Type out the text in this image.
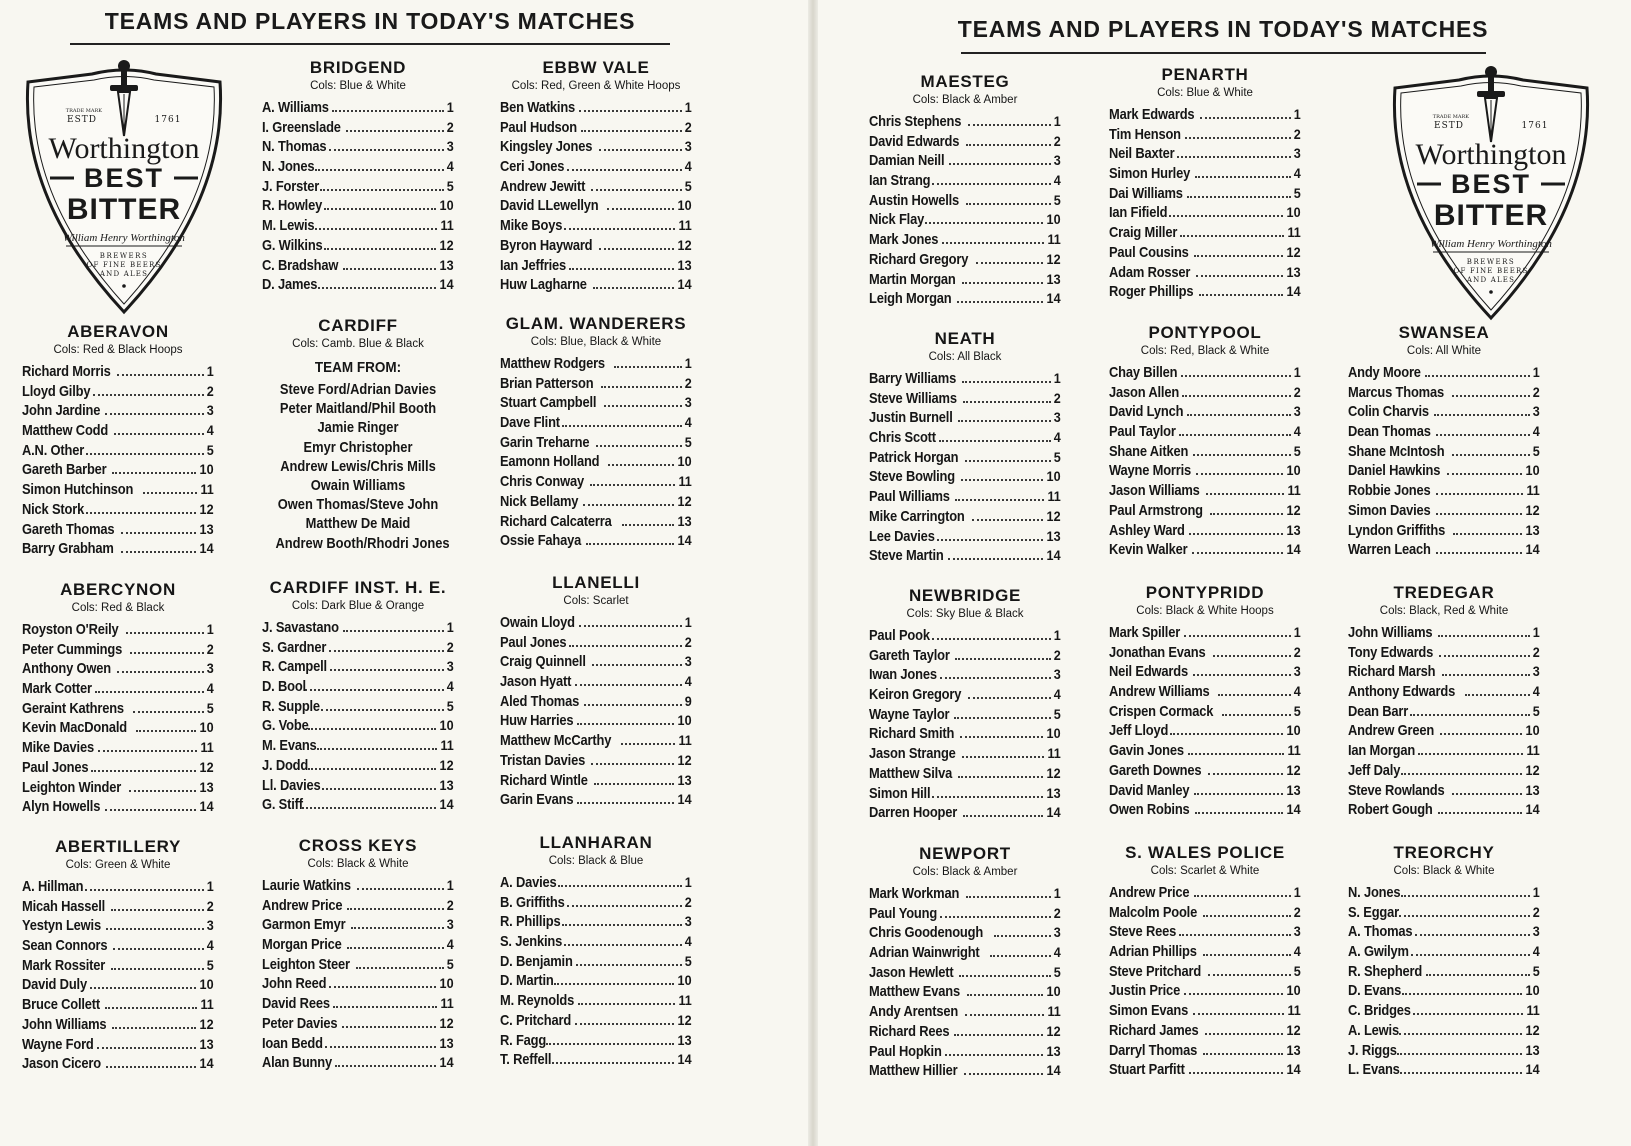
TEAMS AND PLAYERS IN TODAY'S MATCHES
TRADE MARK
ESTD	1761
Worthington
BEST
BITTER
William Henry Worthington
BREWERS
OF FINE BEERS
AND ALES
BRIDGEND
Cols: Blue & White
A. Williams	1
I. Greenslade	2
N. Thomas	3
N. Jones	4
J. Forster	5
R. Howley	10
M. Lewis	11
G. Wilkins	12
C. Bradshaw	13
D. James	14
EBBW VALE
Cols: Red, Green & White Hoops
Ben Watkins	1
Paul Hudson	2
Kingsley Jones	3
Ceri Jones	4
Andrew Jewitt	5
David LLewellyn	10
Mike Boys	11
Byron Hayward	12
Ian Jeffries	13
Huw Lagharne	14
ABERAVON
Cols: Red & Black Hoops
Richard Morris	1
Lloyd Gilby	2
John Jardine	3
Matthew Codd	4
A.N. Other	5
Gareth Barber	10
Simon Hutchinson	11
Nick Stork	12
Gareth Thomas	13
Barry Grabham	14
CARDIFF
Cols: Camb. Blue & Black
TEAM FROM:
Steve Ford/Adrian Davies
Peter Maitland/Phil Booth
Jamie Ringer
Emyr Christopher
Andrew Lewis/Chris Mills
Owain Williams
Owen Thomas/Steve John
Matthew De Maid
Andrew Booth/Rhodri Jones
GLAM. WANDERERS
Cols: Blue, Black & White
Matthew Rodgers	1
Brian Patterson	2
Stuart Campbell	3
Dave Flint	4
Garin Treharne	5
Eamonn Holland	10
Chris Conway	11
Nick Bellamy	12
Richard Calcaterra	13
Ossie Fahaya	14
ABERCYNON
Cols: Red & Black
Royston O'Reily	1
Peter Cummings	2
Anthony Owen	3
Mark Cotter	4
Geraint Kathrens	5
Kevin MacDonald	10
Mike Davies	11
Paul Jones	12
Leighton Winder	13
Alyn Howells	14
CARDIFF INST. H. E.
Cols: Dark Blue & Orange
J. Savastano	1
S. Gardner	2
R. Campell	3
D. Bool	4
R. Supple	5
G. Vobe	10
M. Evans	11
J. Dodd	12
Ll. Davies	13
G. Stiff	14
LLANELLI
Cols: Scarlet
Owain Lloyd	1
Paul Jones	2
Craig Quinnell	3
Jason Hyatt	4
Aled Thomas	9
Huw Harries	10
Matthew McCarthy	11
Tristan Davies	12
Richard Wintle	13
Garin Evans	14
ABERTILLERY
Cols: Green & White
A. Hillman	1
Micah Hassell	2
Yestyn Lewis	3
Sean Connors	4
Mark Rossiter	5
David Duly	10
Bruce Collett	11
John Williams	12
Wayne Ford	13
Jason Cicero	14
CROSS KEYS
Cols: Black & White
Laurie Watkins	1
Andrew Price	2
Garmon Emyr	3
Morgan Price	4
Leighton Steer	5
John Reed	10
David Rees	11
Peter Davies	12
Ioan Bedd	13
Alan Bunny	14
LLANHARAN
Cols: Black & Blue
A. Davies	1
B. Griffiths	2
R. Phillips	3
S. Jenkins	4
D. Benjamin	5
D. Martin	10
M. Reynolds	11
C. Pritchard	12
R. Fagg	13
T. Reffell	14
TEAMS AND PLAYERS IN TODAY'S MATCHES
TRADE MARK
ESTD	1761
Worthington
BEST
BITTER
William Henry Worthington
BREWERS
OF FINE BEERS
AND ALES
MAESTEG
Cols: Black & Amber
Chris Stephens	1
David Edwards	2
Damian Neill	3
Ian Strang	4
Austin Howells	5
Nick Flay	10
Mark Jones	11
Richard Gregory	12
Martin Morgan	13
Leigh Morgan	14
PENARTH
Cols: Blue & White
Mark Edwards	1
Tim Henson	2
Neil Baxter	3
Simon Hurley	4
Dai Williams	5
Ian Fifield	10
Craig Miller	11
Paul Cousins	12
Adam Rosser	13
Roger Phillips	14
NEATH
Cols: All Black
Barry Williams	1
Steve Williams	2
Justin Burnell	3
Chris Scott	4
Patrick Horgan	5
Steve Bowling	10
Paul Williams	11
Mike Carrington	12
Lee Davies	13
Steve Martin	14
PONTYPOOL
Cols: Red, Black & White
Chay Billen	1
Jason Allen	2
David Lynch	3
Paul Taylor	4
Shane Aitken	5
Wayne Morris	10
Jason Williams	11
Paul Armstrong	12
Ashley Ward	13
Kevin Walker	14
SWANSEA
Cols: All White
Andy Moore	1
Marcus Thomas	2
Colin Charvis	3
Dean Thomas	4
Shane McIntosh	5
Daniel Hawkins	10
Robbie Jones	11
Simon Davies	12
Lyndon Griffiths	13
Warren Leach	14
NEWBRIDGE
Cols: Sky Blue & Black
Paul Pook	1
Gareth Taylor	2
Iwan Jones	3
Keiron Gregory	4
Wayne Taylor	5
Richard Smith	10
Jason Strange	11
Matthew Silva	12
Simon Hill	13
Darren Hooper	14
PONTYPRIDD
Cols: Black & White Hoops
Mark Spiller	1
Jonathan Evans	2
Neil Edwards	3
Andrew Williams	4
Crispen Cormack	5
Jeff Lloyd	10
Gavin Jones	11
Gareth Downes	12
David Manley	13
Owen Robins	14
TREDEGAR
Cols: Black, Red & White
John Williams	1
Tony Edwards	2
Richard Marsh	3
Anthony Edwards	4
Dean Barr	5
Andrew Green	10
Ian Morgan	11
Jeff Daly	12
Steve Rowlands	13
Robert Gough	14
NEWPORT
Cols: Black & Amber
Mark Workman	1
Paul Young	2
Chris Goodenough	3
Adrian Wainwright	4
Jason Hewlett	5
Matthew Evans	10
Andy Arentsen	11
Richard Rees	12
Paul Hopkin	13
Matthew Hillier	14
S. WALES POLICE
Cols: Scarlet & White
Andrew Price	1
Malcolm Poole	2
Steve Rees	3
Adrian Phillips	4
Steve Pritchard	5
Justin Price	10
Simon Evans	11
Richard James	12
Darryl Thomas	13
Stuart Parfitt	14
TREORCHY
Cols: Black & White
N. Jones	1
S. Eggar	2
A. Thomas	3
A. Gwilym	4
R. Shepherd	5
D. Evans	10
C. Bridges	11
A. Lewis	12
J. Riggs	13
L. Evans	14
